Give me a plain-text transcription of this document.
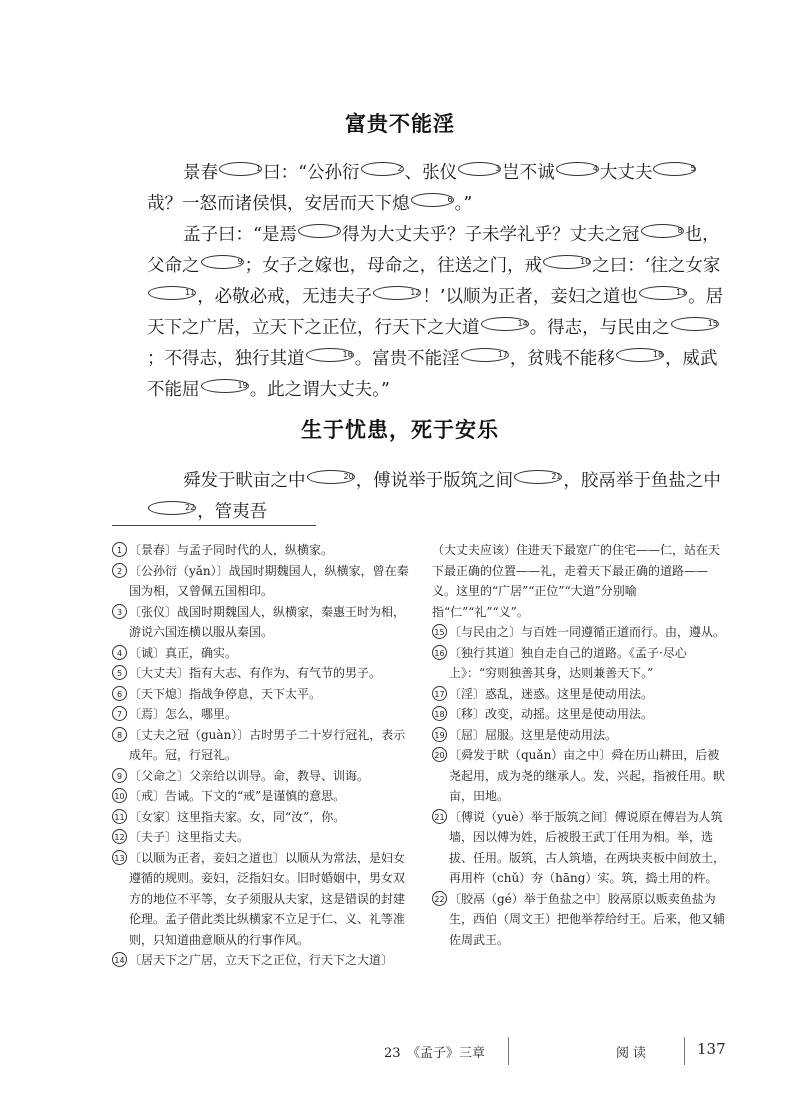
富贵不能淫

景春	$^1$ 曰：“公孙衍	$^2$ 、张仪	$^3$ 岂不诚	$^4$ 大丈夫	$^5$哉？一怒而诸侯惧，安居而天下熄	$^6$ 。”

孟子曰：“是焉	$^7$ 得为大丈夫乎？子未学礼乎？丈夫之冠	$^8$ 也，父命之	$^9$ ；女子之嫁也，母命之，往送之门，戒	$^{10}$ 之曰：‘往之女家$^{11}$ ，必敬必戒，无违夫子	$^{12}$ ！’以顺为正者，妾妇之道也	$^{13}$ 。居天下之广居，立天下之正位，行天下之大道	$^{14}$ 。得志，与民由之	$^{15}$；不得志，独行其道	$^{16}$ 。富贵不能淫	$^{17}$ ，贫贱不能移	$^{18}$ ，威武不能屈	$^{19}$ 。此之谓大丈夫。”

生于忧患，死于安乐

舜发于畎亩之中	$^{20}$ ，傅说举于版筑之间	$^{21}$ ，胶鬲举于鱼盐之中$^{22}$ ，管夷吾

1 〔景春〕与孟子同时代的人，纵横家。
2 〔公孙衍（yǎn）〕战国时期魏国人，纵横家，曾在秦国为相，又曾佩五国相印。
3 〔张仪〕战国时期魏国人，纵横家，秦惠王时为相，游说六国连横以服从秦国。
4 〔诚〕真正，确实。
5 〔大丈夫〕指有大志、有作为、有气节的男子。
6 〔天下熄〕指战争停息，天下太平。
7 〔焉〕怎么，哪里。
8 〔丈夫之冠（guàn）〕古时男子二十岁行冠礼，表示成年。冠，行冠礼。
9 〔父命之〕父亲给以训导。命，教导、训诲。
10 〔戒〕告诫。下文的“戒”是谨慎的意思。
11 〔女家〕这里指夫家。女，同“汝”，你。
12 〔夫子〕这里指丈夫。
13 〔以顺为正者，妾妇之道也〕以顺从为常法，是妇女遵循的规则。妾妇，泛指妇女。旧时婚姻中，男女双方的地位不平等，女子须服从夫家，这是错误的封建伦理。孟子借此类比纵横家不立足于仁、义、礼等准则，只知道曲意顺从的行事作风。
14 〔居天下之广居，立天下之正位，行天下之大道〕
（大丈夫应该）住进天下最宽广的住宅——仁，站在天下最正确的位置——礼，走着天下最正确的道路——义。这里的“广居”“正位”“大道”分别喻指“仁”“礼”“义”。
15 〔与民由之〕与百姓一同遵循正道而行。由，遵从。
16 〔独行其道〕独自走自己的道路。《孟子·尽心上》：“穷则独善其身，达则兼善天下。”
17 〔淫〕惑乱，迷惑。这里是使动用法。
18 〔移〕改变，动摇。这里是使动用法。
19 〔屈〕屈服。这里是使动用法。
20 〔舜发于畎（quǎn）亩之中〕舜在历山耕田，后被尧起用，成为尧的继承人。发，兴起，指被任用。畎亩，田地。
21 〔傅说（yuè）举于版筑之间〕傅说原在傅岩为人筑墙，因以傅为姓，后被殷王武丁任用为相。举，选拔、任用。版筑，古人筑墙，在两块夹板中间放土，再用杵（chǔ）夯（hāng）实。筑，捣土用的杵。
22 〔胶鬲（gé）举于鱼盐之中〕胶鬲原以贩卖鱼盐为生，西伯（周文王）把他举荐给纣王。后来，他又辅佐周武王。
23　《孟子》三章	阅读	137
